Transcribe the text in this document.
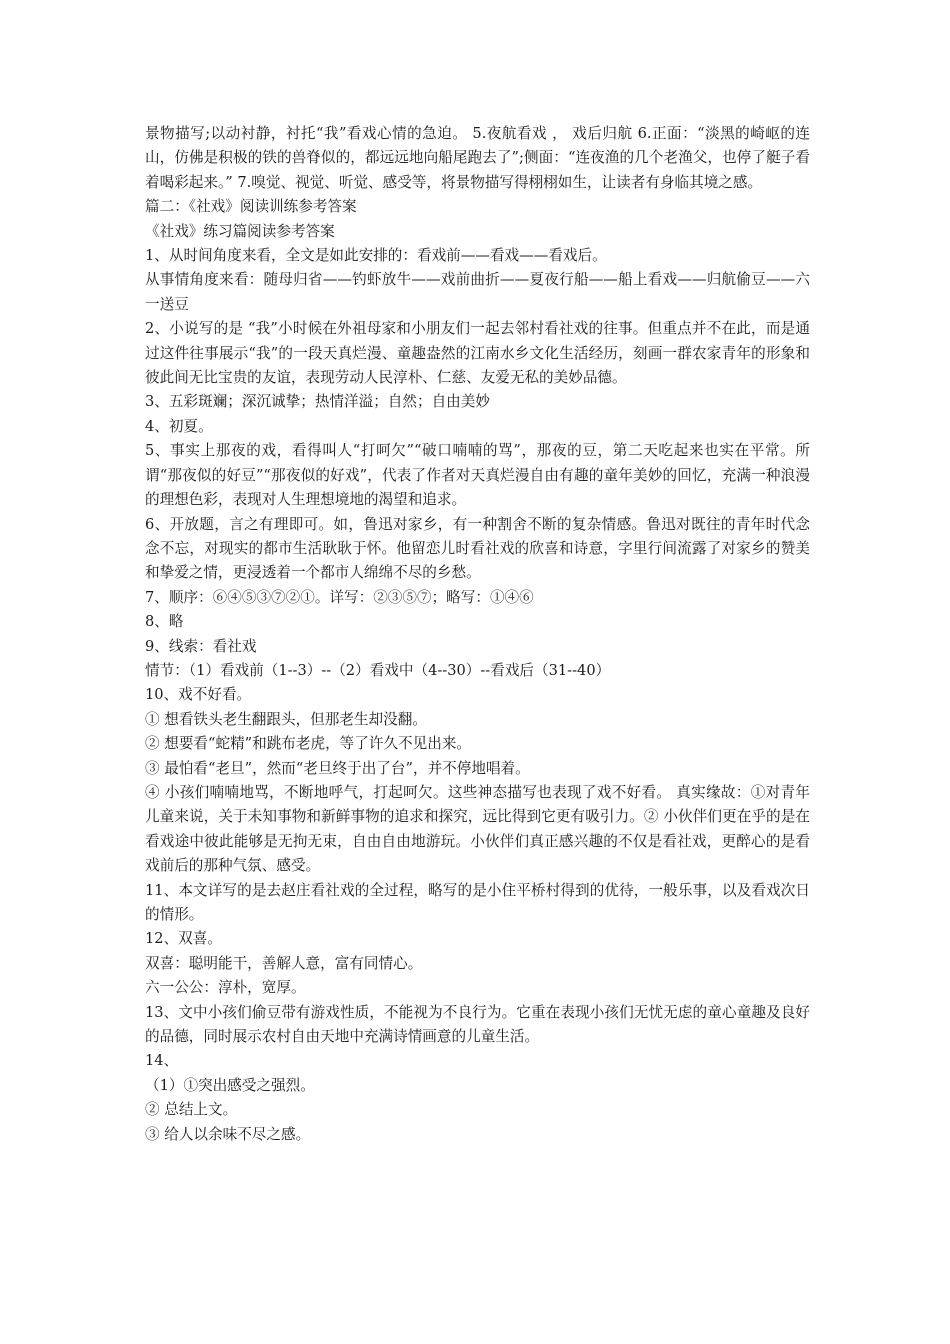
景物描写;以动衬静，衬托“我”看戏心情的急迫。 5.夜航看戏 ， 戏后归航 6.正面：“淡黑的崎岖的连山，仿佛是积极的铁的兽脊似的，都远远地向船尾跑去了”;侧面：“连夜渔的几个老渔父，也停了艇子看着喝彩起来。” 7.嗅觉、视觉、听觉、感受等，将景物描写得栩栩如生，让读者有身临其境之感。

篇二：《社戏》阅读训练参考答案

《社戏》练习篇阅读参考答案

1、从时间角度来看，全文是如此安排的：看戏前——看戏——看戏后。

从事情角度来看：随母归省——钓虾放牛——戏前曲折——夏夜行船——船上看戏——归航偷豆——六一送豆

2、小说写的是 “我”小时候在外祖母家和小朋友们一起去邻村看社戏的往事。但重点并不在此，而是通过这件往事展示“我”的一段天真烂漫、童趣盎然的江南水乡文化生活经历，刻画一群农家青年的形象和彼此间无比宝贵的友谊，表现劳动人民淳朴、仁慈、友爱无私的美妙品德。

3、五彩斑斓；深沉诚挚；热情洋溢；自然；自由美妙

4、初夏。

5、事实上那夜的戏，看得叫人“打呵欠”“破口喃喃的骂”，那夜的豆，第二天吃起来也实在平常。所谓“那夜似的好豆”“那夜似的好戏”，代表了作者对天真烂漫自由有趣的童年美妙的回忆，充满一种浪漫的理想色彩，表现对人生理想境地的渴望和追求。

6、开放题，言之有理即可。如，鲁迅对家乡，有一种割舍不断的复杂情感。鲁迅对既往的青年时代念念不忘，对现实的都市生活耿耿于怀。他留恋儿时看社戏的欣喜和诗意，字里行间流露了对家乡的赞美和挚爱之情，更浸透着一个都市人绵绵不尽的乡愁。

7、顺序：⑥④⑤③⑦②①。详写：②③⑤⑦；略写：①④⑥

8、略

9、线索：看社戏

情节：（1）看戏前（1--3）--（2）看戏中（4--30）--看戏后（31--40）

10、戏不好看。

① 想看铁头老生翻跟头，但那老生却没翻。

② 想要看“蛇精”和跳布老虎，等了许久不见出来。

③ 最怕看“老旦”，然而“老旦终于出了台”，并不停地唱着。

④ 小孩们喃喃地骂，不断地呼气，打起呵欠。这些神态描写也表现了戏不好看。 真实缘故：①对青年儿童来说，关于未知事物和新鲜事物的追求和探究，远比得到它更有吸引力。② 小伙伴们更在乎的是在看戏途中彼此能够是无拘无束，自由自由地游玩。小伙伴们真正感兴趣的不仅是看社戏，更醉心的是看戏前后的那种气氛、感受。

11、本文详写的是去赵庄看社戏的全过程，略写的是小住平桥村得到的优待，一般乐事，以及看戏次日的情形。

12、双喜。

双喜：聪明能干，善解人意，富有同情心。

六一公公：淳朴，宽厚。

13、文中小孩们偷豆带有游戏性质，不能视为不良行为。它重在表现小孩们无忧无虑的童心童趣及良好的品德，同时展示农村自由天地中充满诗情画意的儿童生活。

14、

（1）①突出感受之强烈。

② 总结上文。

③ 给人以余味不尽之感。
